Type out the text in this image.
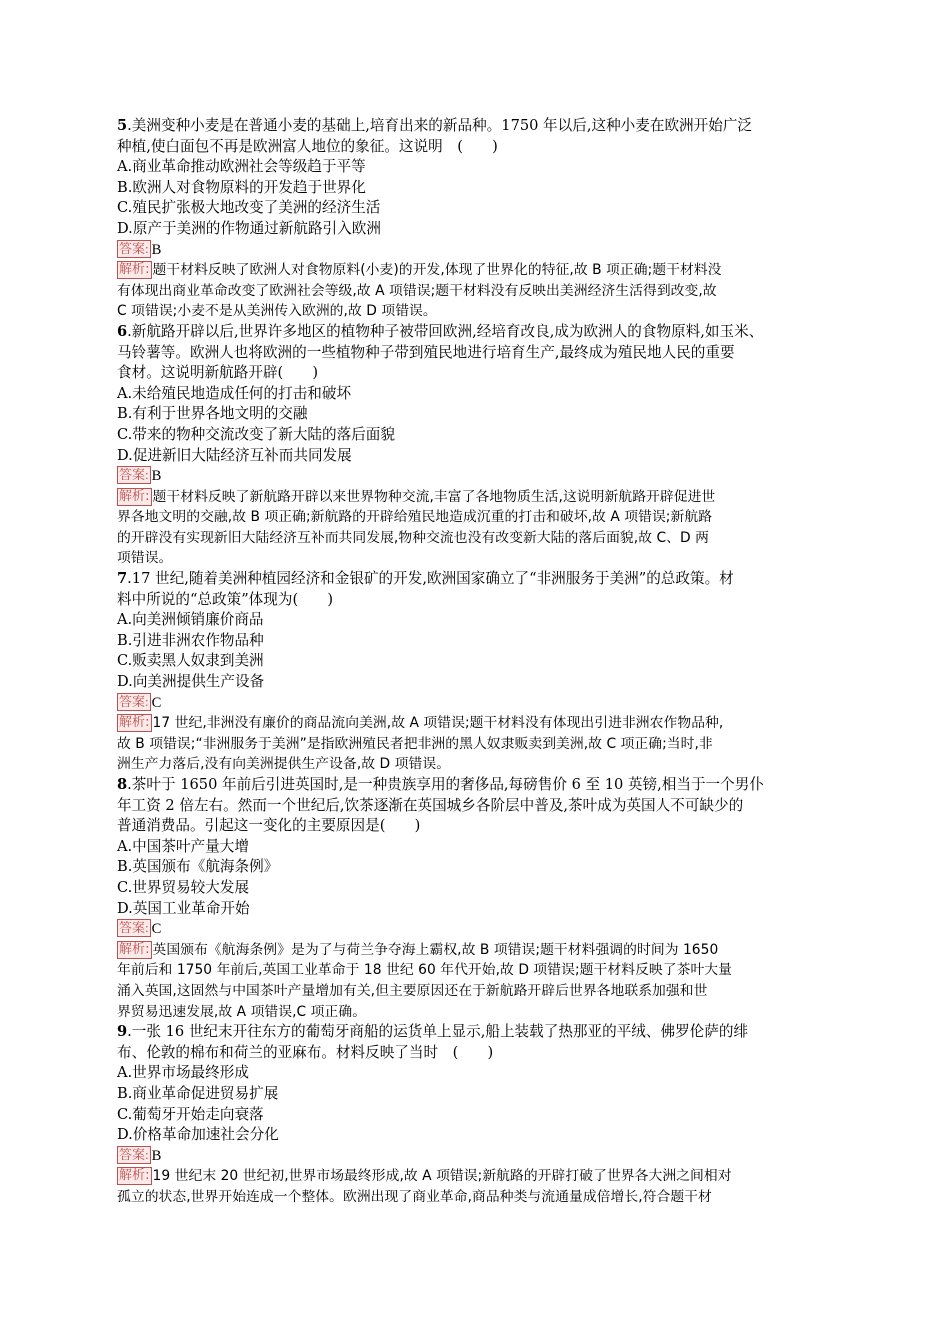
5.美洲变种小麦是在普通小麦的基础上,培育出来的新品种。1750 年以后,这种小麦在欧洲开始广泛
种植,使白面包不再是欧洲富人地位的象征。这说明　(　　)
A.商业革命推动欧洲社会等级趋于平等
B.欧洲人对食物原料的开发趋于世界化
C.殖民扩张极大地改变了美洲的经济生活
D.原产于美洲的作物通过新航路引入欧洲
答案: B
解析: 题干材料反映了欧洲人对食物原料(小麦)的开发,体现了世界化的特征,故 B 项正确;题干材料没
有体现出商业革命改变了欧洲社会等级,故 A 项错误;题干材料没有反映出美洲经济生活得到改变,故
C 项错误;小麦不是从美洲传入欧洲的,故 D 项错误。
6.新航路开辟以后,世界许多地区的植物种子被带回欧洲,经培育改良,成为欧洲人的食物原料,如玉米、
马铃薯等。欧洲人也将欧洲的一些植物种子带到殖民地进行培育生产,最终成为殖民地人民的重要
食材。这说明新航路开辟(　　)
A.未给殖民地造成任何的打击和破坏
B.有利于世界各地文明的交融
C.带来的物种交流改变了新大陆的落后面貌
D.促进新旧大陆经济互补而共同发展
答案: B
解析: 题干材料反映了新航路开辟以来世界物种交流,丰富了各地物质生活,这说明新航路开辟促进世
界各地文明的交融,故 B 项正确;新航路的开辟给殖民地造成沉重的打击和破坏,故 A 项错误;新航路
的开辟没有实现新旧大陆经济互补而共同发展,物种交流也没有改变新大陆的落后面貌,故 C、D 两
项错误。
7.17 世纪,随着美洲种植园经济和金银矿的开发,欧洲国家确立了“非洲服务于美洲”的总政策。材
料中所说的“总政策”体现为(　　)
A.向美洲倾销廉价商品
B.引进非洲农作物品种
C.贩卖黑人奴隶到美洲
D.向美洲提供生产设备
答案: C
解析: 17 世纪,非洲没有廉价的商品流向美洲,故 A 项错误;题干材料没有体现出引进非洲农作物品种,
故 B 项错误;“非洲服务于美洲”是指欧洲殖民者把非洲的黑人奴隶贩卖到美洲,故 C 项正确;当时,非
洲生产力落后,没有向美洲提供生产设备,故 D 项错误。
8.茶叶于 1650 年前后引进英国时,是一种贵族享用的奢侈品,每磅售价 6 至 10 英镑,相当于一个男仆
年工资 2 倍左右。然而一个世纪后,饮茶逐渐在英国城乡各阶层中普及,茶叶成为英国人不可缺少的
普通消费品。引起这一变化的主要原因是(　　)
A.中国茶叶产量大增
B.英国颁布《航海条例》
C.世界贸易较大发展
D.英国工业革命开始
答案: C
解析: 英国颁布《航海条例》是为了与荷兰争夺海上霸权,故 B 项错误;题干材料强调的时间为 1650
年前后和 1750 年前后,英国工业革命于 18 世纪 60 年代开始,故 D 项错误;题干材料反映了茶叶大量
涌入英国,这固然与中国茶叶产量增加有关,但主要原因还在于新航路开辟后世界各地联系加强和世
界贸易迅速发展,故 A 项错误,C 项正确。
9.一张 16 世纪末开往东方的葡萄牙商船的运货单上显示,船上装载了热那亚的平绒、佛罗伦萨的绯
布、伦敦的棉布和荷兰的亚麻布。材料反映了当时　(　　)
A.世界市场最终形成
B.商业革命促进贸易扩展
C.葡萄牙开始走向衰落
D.价格革命加速社会分化
答案: B
解析: 19 世纪末 20 世纪初,世界市场最终形成,故 A 项错误;新航路的开辟打破了世界各大洲之间相对
孤立的状态,世界开始连成一个整体。欧洲出现了商业革命,商品种类与流通量成倍增长,符合题干材
